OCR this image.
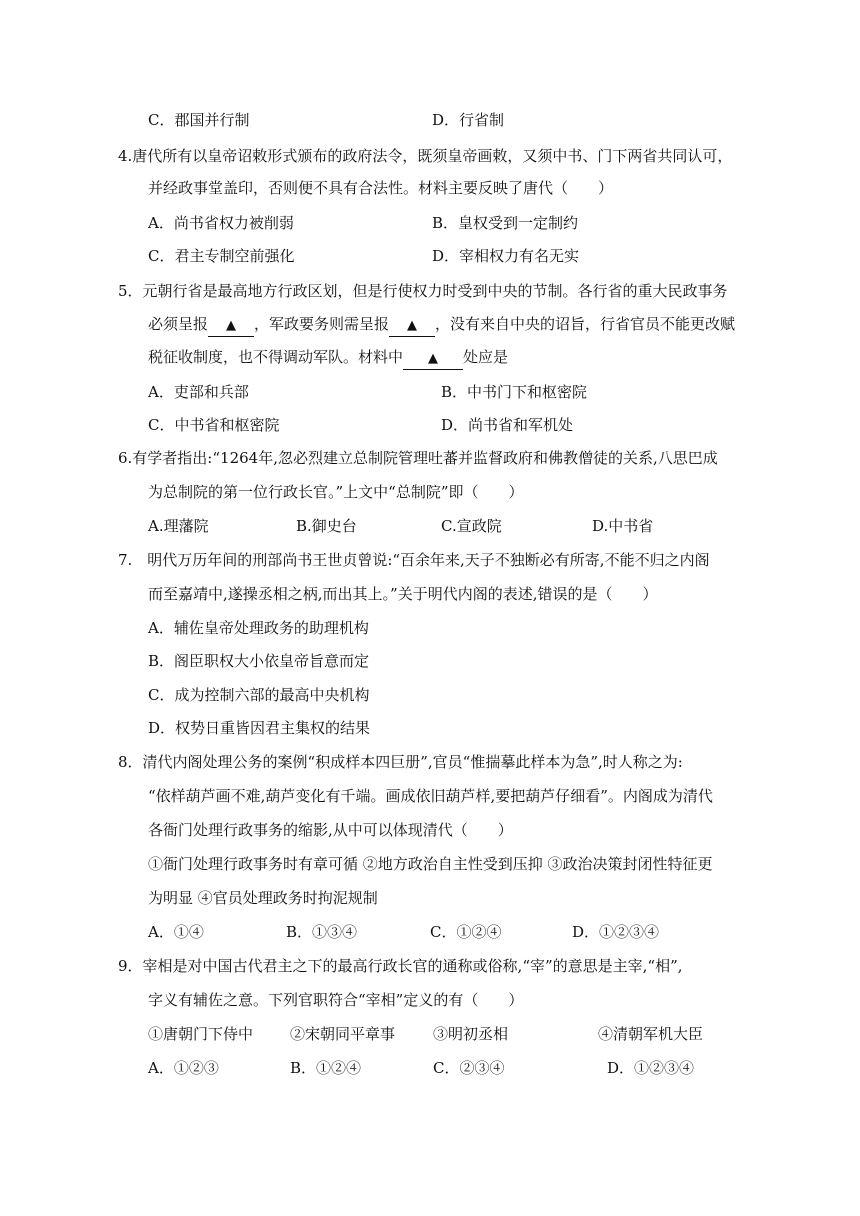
C．郡国并行制	D．行省制
4.唐代所有以皇帝诏敕形式颁布的政府法令，既须皇帝画敕，又须中书、门下两省共同认可，
并经政事堂盖印，否则便不具有合法性。材料主要反映了唐代（　　）
A．尚书省权力被削弱	B．皇权受到一定制约
C．君主专制空前强化	D．宰相权力有名无实
5．元朝行省是最高地方行政区划，但是行使权力时受到中央的节制。各行省的重大民政事务
必须呈报 ▲ ，军政要务则需呈报 ▲ ，没有来自中央的诏旨，行省官员不能更改赋
税征收制度，也不得调动军队。材料中 ▲ 处应是
A．吏部和兵部	B．中书门下和枢密院
C．中书省和枢密院	D．尚书省和军机处
6.有学者指出:“1264年,忽必烈建立总制院管理吐蕃并监督政府和佛教僧徒的关系,八思巴成
为总制院的第一位行政长官。”上文中“总制院”即（　　）
A.理藩院	B.御史台	C.宣政院	D.中书省
7.　明代万历年间的刑部尚书王世贞曾说:“百余年来,天子不独断必有所寄,不能不归之内阁
而至嘉靖中,遂操丞相之柄,而出其上。”关于明代内阁的表述,错误的是（　　）
A．辅佐皇帝处理政务的助理机构
B．阁臣职权大小依皇帝旨意而定
C．成为控制六部的最高中央机构
D．权势日重皆因君主集权的结果
8．清代内阁处理公务的案例“积成样本四巨册”,官员“惟揣摹此样本为急”,时人称之为:
“依样葫芦画不难,葫芦变化有千端。画成依旧葫芦样,要把葫芦仔细看”。内阁成为清代
各衙门处理行政事务的缩影,从中可以体现清代（　　）
①衙门处理行政事务时有章可循 ②地方政治自主性受到压抑 ③政治决策封闭性特征更
为明显 ④官员处理政务时拘泥规制
A．①④	B．①③④	C．①②④	D．①②③④
9．宰相是对中国古代君主之下的最高行政长官的通称或俗称,“宰”的意思是主宰,“相”,
字义有辅佐之意。下列官职符合“宰相”定义的有（　　）
①唐朝门下侍中 ②宋朝同平章事	③明初丞相	④清朝军机大臣
A．①②③	B．①②④	C．②③④	D．①②③④
